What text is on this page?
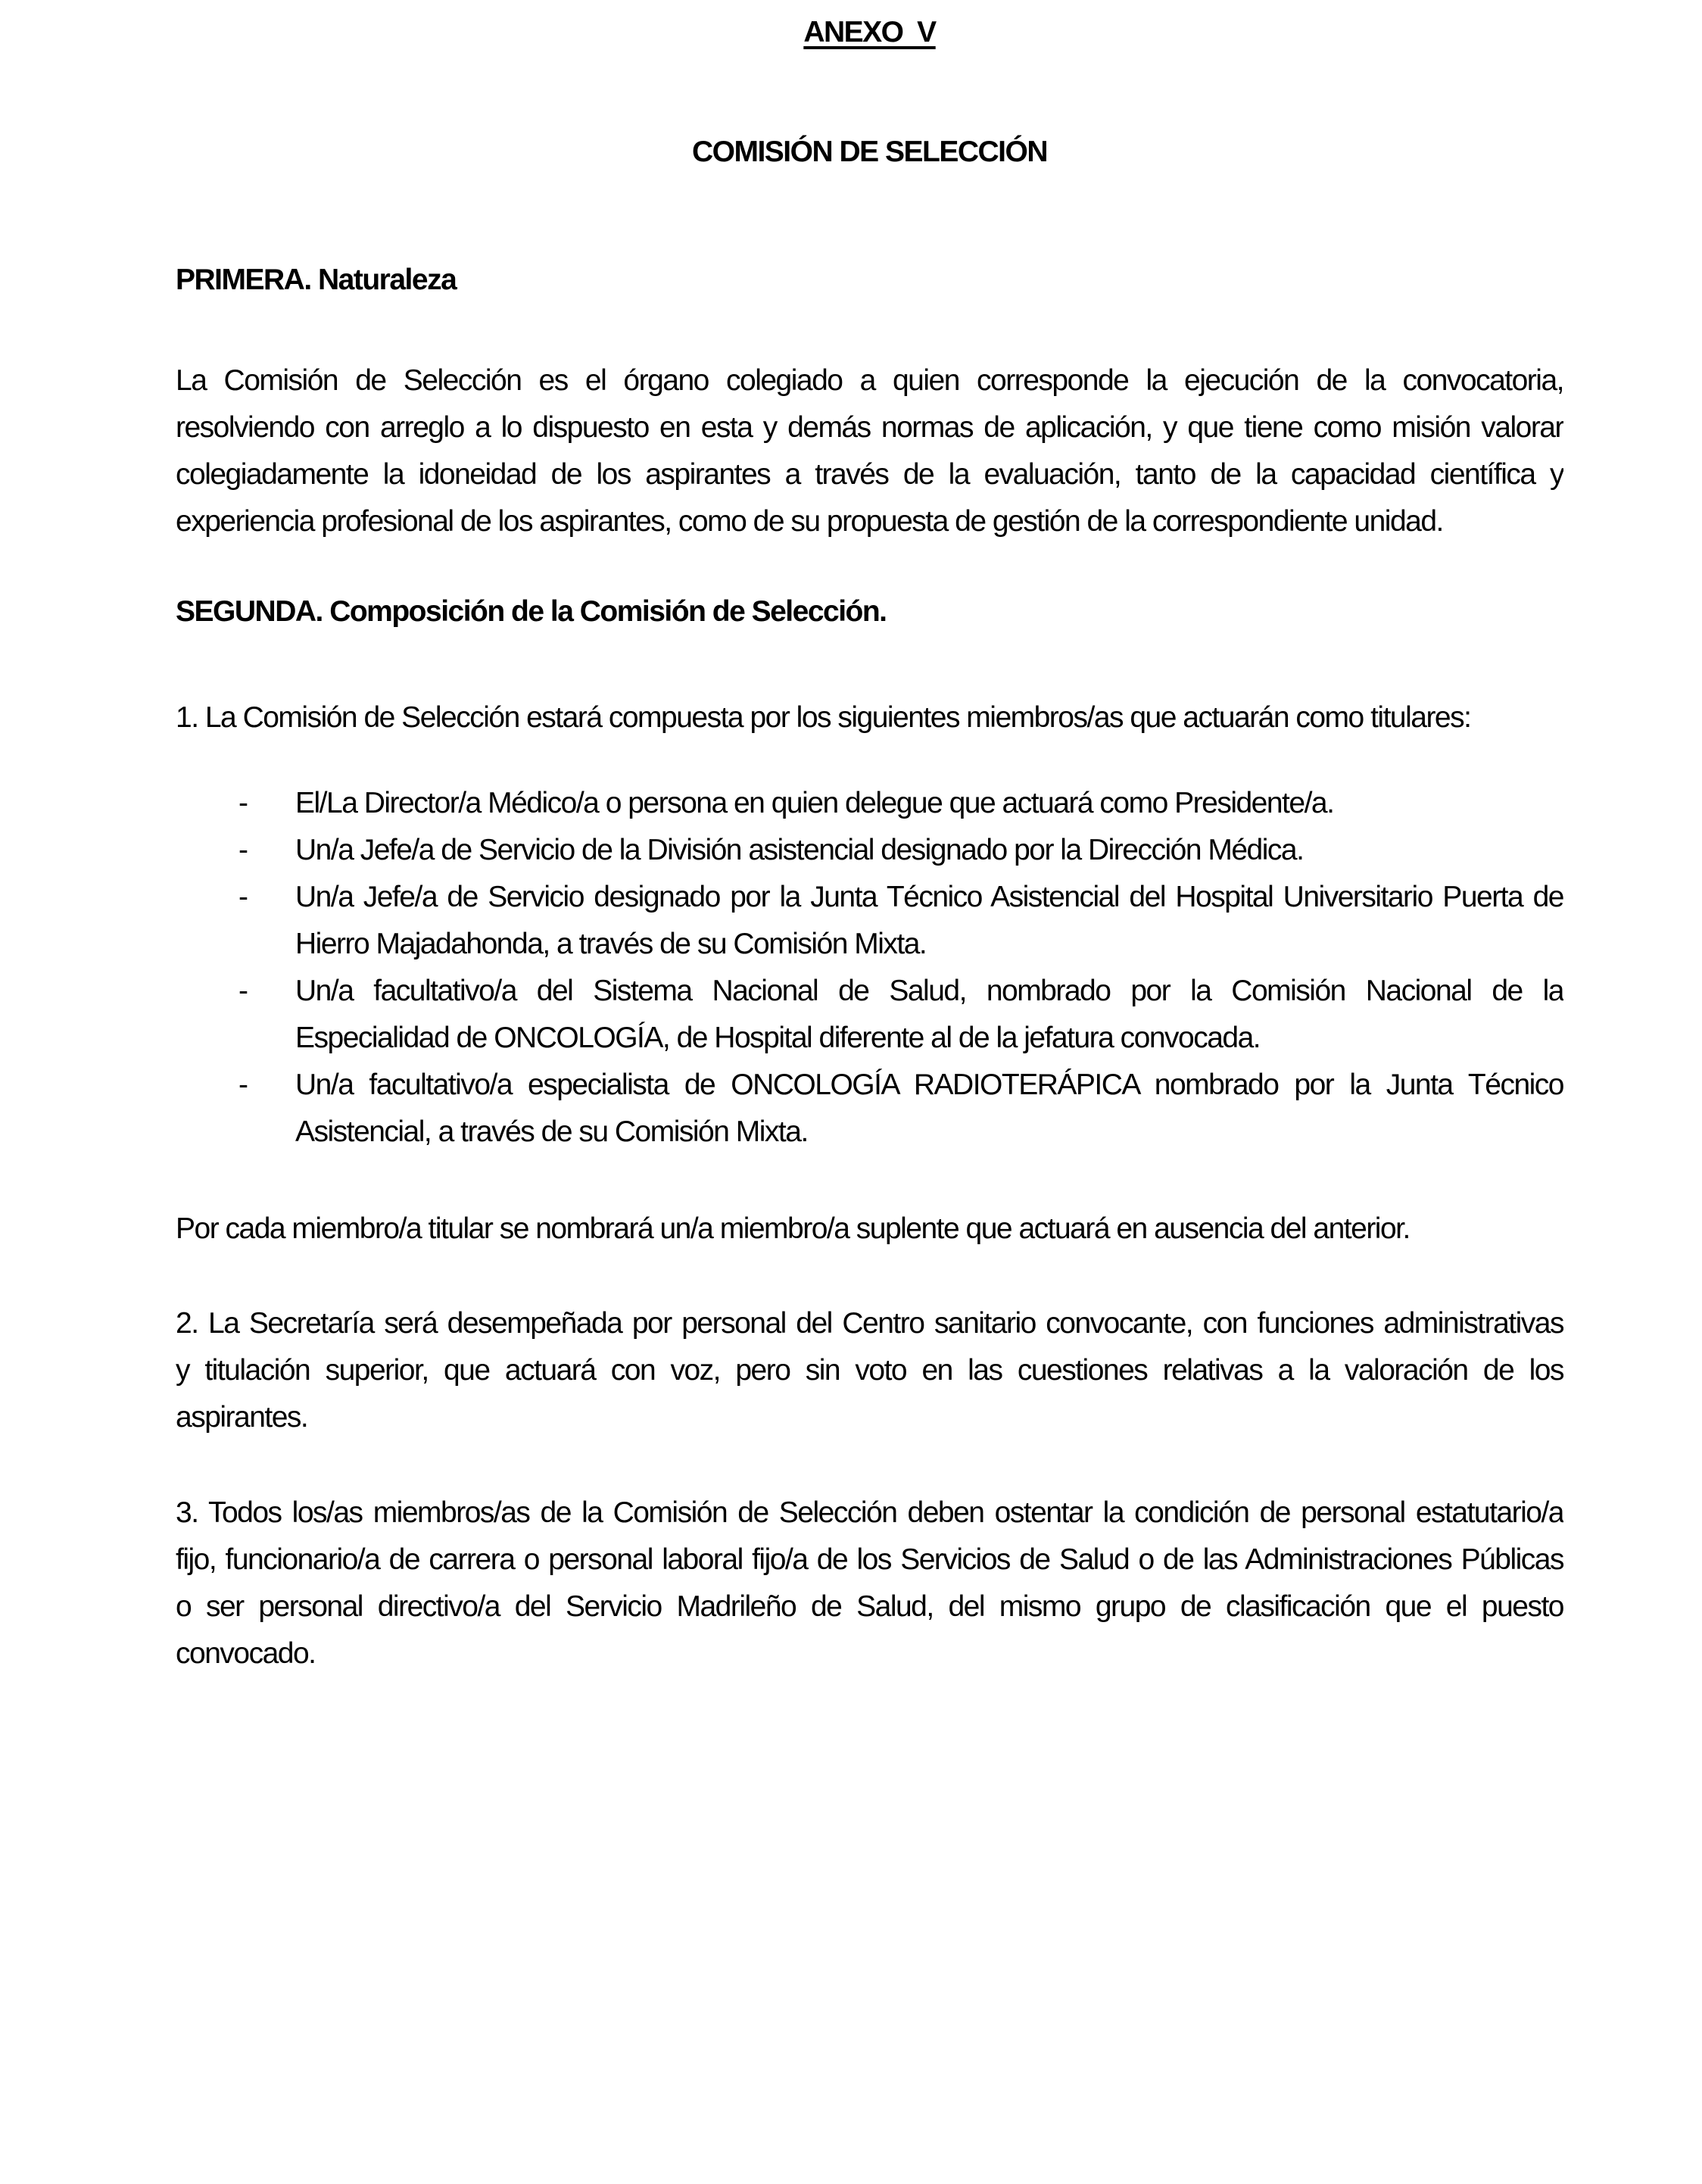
ANEXO  V
COMISIÓN DE SELECCIÓN
PRIMERA. Naturaleza
La Comisión de Selección es el órgano colegiado a quien corresponde la ejecución de la convocatoria,
resolviendo con arreglo a lo dispuesto en esta y demás normas de aplicación, y que tiene como misión valorar
colegiadamente la idoneidad de los aspirantes a través de la evaluación, tanto de la capacidad científica y
experiencia profesional de los aspirantes, como de su propuesta de gestión de la correspondiente unidad.
SEGUNDA. Composición de la Comisión de Selección.
1. La Comisión de Selección estará compuesta por los siguientes miembros/as que actuarán como titulares:
- El/La Director/a Médico/a o persona en quien delegue que actuará como Presidente/a.
- Un/a Jefe/a de Servicio de la División asistencial designado por la Dirección Médica.
- Un/a Jefe/a de Servicio designado por la Junta Técnico Asistencial del Hospital Universitario Puerta de
Hierro Majadahonda, a través de su Comisión Mixta.
- Un/a facultativo/a del Sistema Nacional de Salud, nombrado por la Comisión Nacional de la
Especialidad de ONCOLOGÍA, de Hospital diferente al de la jefatura convocada.
- Un/a facultativo/a especialista de ONCOLOGÍA RADIOTERÁPICA nombrado por la Junta Técnico
Asistencial, a través de su Comisión Mixta.
Por cada miembro/a titular se nombrará un/a miembro/a suplente que actuará en ausencia del anterior.
2. La Secretaría será desempeñada por personal del Centro sanitario convocante, con funciones administrativas
y titulación superior, que actuará con voz, pero sin voto en las cuestiones relativas a la valoración de los
aspirantes.
3. Todos los/as miembros/as de la Comisión de Selección deben ostentar la condición de personal estatutario/a
fijo, funcionario/a de carrera o personal laboral fijo/a de los Servicios de Salud o de las Administraciones Públicas
o ser personal directivo/a del Servicio Madrileño de Salud, del mismo grupo de clasificación que el puesto
convocado.
